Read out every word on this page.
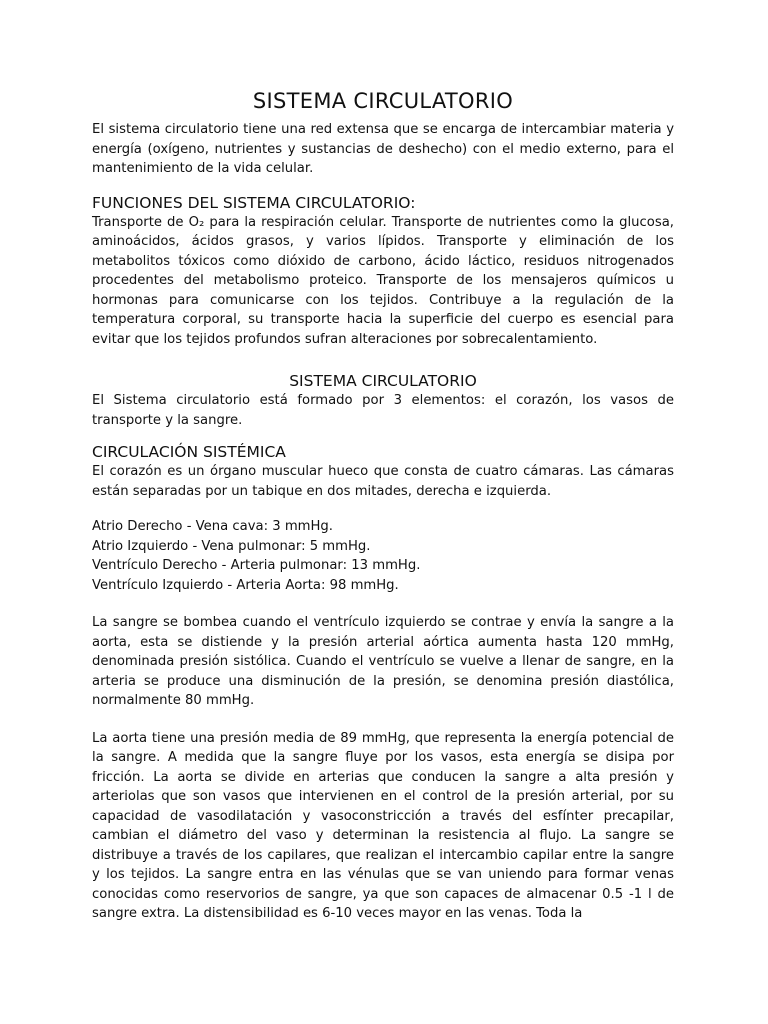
SISTEMA CIRCULATORIO

El sistema circulatorio tiene una red extensa que se encarga de intercambiar materia y energía (oxígeno, nutrientes y sustancias de deshecho) con el medio externo, para el mantenimiento de la vida celular.

FUNCIONES DEL SISTEMA CIRCULATORIO:

Transporte de O₂ para la respiración celular. Transporte de nutrientes como la glucosa, aminoácidos, ácidos grasos, y varios lípidos. Transporte y eliminación de los metabolitos tóxicos como dióxido de carbono, ácido láctico, residuos nitrogenados procedentes del metabolismo proteico. Transporte de los mensajeros químicos u hormonas para comunicarse con los tejidos. Contribuye a la regulación de la temperatura corporal, su transporte hacia la superficie del cuerpo es esencial para evitar que los tejidos profundos sufran alteraciones por sobrecalentamiento.

SISTEMA CIRCULATORIO

El Sistema circulatorio está formado por 3 elementos: el corazón, los vasos de transporte y la sangre.

CIRCULACIÓN SISTÉMICA

El corazón es un órgano muscular hueco que consta de cuatro cámaras. Las cámaras están separadas por un tabique en dos mitades, derecha e izquierda.

Atrio Derecho - Vena cava: 3 mmHg.

Atrio Izquierdo - Vena pulmonar: 5 mmHg.

Ventrículo Derecho - Arteria pulmonar: 13 mmHg.

Ventrículo Izquierdo - Arteria Aorta: 98 mmHg.

La sangre se bombea cuando el ventrículo izquierdo se contrae y envía la sangre a la aorta, esta se distiende y la presión arterial aórtica aumenta hasta 120 mmHg, denominada presión sistólica. Cuando el ventrículo se vuelve a llenar de sangre, en la arteria se produce una disminución de la presión, se denomina presión diastólica, normalmente 80 mmHg.

La aorta tiene una presión media de 89 mmHg, que representa la energía potencial de la sangre. A medida que la sangre fluye por los vasos, esta energía se disipa por fricción. La aorta se divide en arterias que conducen la sangre a alta presión y arteriolas que son vasos que intervienen en el control de la presión arterial, por su capacidad de vasodilatación y vasoconstricción a través del esfínter precapilar, cambian el diámetro del vaso y determinan la resistencia al flujo. La sangre se distribuye a través de los capilares, que realizan el intercambio capilar entre la sangre y los tejidos. La sangre entra en las vénulas que se van uniendo para formar venas conocidas como reservorios de sangre, ya que son capaces de almacenar 0.5 -1 l de sangre extra. La distensibilidad es 6-10 veces mayor en las venas. Toda la
